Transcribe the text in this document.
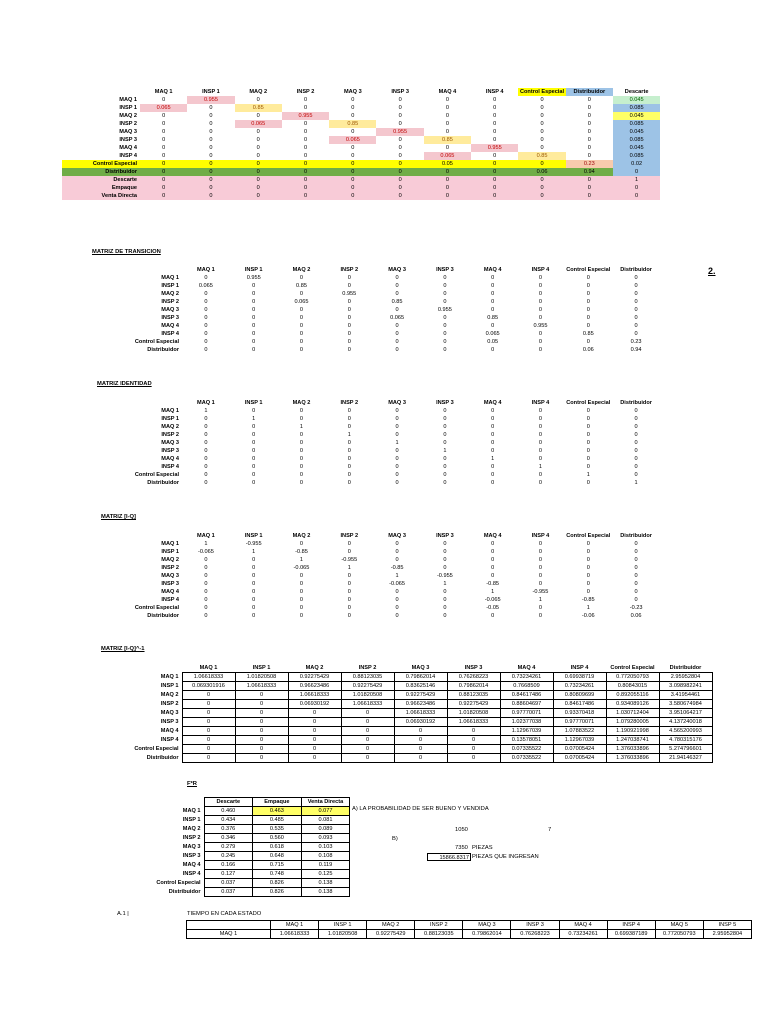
	MAQ 1	INSP 1	MAQ 2	INSP 2	MAQ 3	INSP 3	MAQ 4	INSP 4	Control Especial	Distribuidor	Descarte
MAQ 1	0	0.955	0	0	0	0	0	0	0	0	0.045
INSP 1	0.065	0	0.85	0	0	0	0	0	0	0	0.085
MAQ 2	0	0	0	0.955	0	0	0	0	0	0	0.045
INSP 2	0	0	0.065	0	0.85	0	0	0	0	0	0.085
MAQ 3	0	0	0	0	0	0.955	0	0	0	0	0.045
INSP 3	0	0	0	0	0.065	0	0.85	0	0	0	0.085
MAQ 4	0	0	0	0	0	0	0	0.955	0	0	0.045
INSP 4	0	0	0	0	0	0	0.065	0	0.85	0	0.085
Control Especial	0	0	0	0	0	0	0.05	0	0	0.23	0.02
Distribuidor	0	0	0	0	0	0	0	0	0.06	0.94	0
Descarte	0	0	0	0	0	0	0	0	0	0	1
Empaque	0	0	0	0	0	0	0	0	0	0	0
Venta Directa	0	0	0	0	0	0	0	0	0	0	0
MATRIZ DE TRANSICION
2.
	MAQ 1	INSP 1	MAQ 2	INSP 2	MAQ 3	INSP 3	MAQ 4	INSP 4	Control Especial	Distribuidor
MAQ 1	0	0.955	0	0	0	0	0	0	0	0
INSP 1	0.065	0	0.85	0	0	0	0	0	0	0
MAQ 2	0	0	0	0.955	0	0	0	0	0	0
INSP 2	0	0	0.065	0	0.85	0	0	0	0	0
MAQ 3	0	0	0	0	0	0.955	0	0	0	0
INSP 3	0	0	0	0	0.065	0	0.85	0	0	0
MAQ 4	0	0	0	0	0	0	0	0.955	0	0
INSP 4	0	0	0	0	0	0	0.065	0	0.85	0
Control Especial	0	0	0	0	0	0	0.05	0	0	0.23
Distribuidor	0	0	0	0	0	0	0	0	0.06	0.94
MATRIZ IDENTIDAD
	MAQ 1	INSP 1	MAQ 2	INSP 2	MAQ 3	INSP 3	MAQ 4	INSP 4	Control Especial	Distribuidor
MAQ 1	1	0	0	0	0	0	0	0	0	0
INSP 1	0	1	0	0	0	0	0	0	0	0
MAQ 2	0	0	1	0	0	0	0	0	0	0
INSP 2	0	0	0	1	0	0	0	0	0	0
MAQ 3	0	0	0	0	1	0	0	0	0	0
INSP 3	0	0	0	0	0	1	0	0	0	0
MAQ 4	0	0	0	0	0	0	1	0	0	0
INSP 4	0	0	0	0	0	0	0	1	0	0
Control Especial	0	0	0	0	0	0	0	0	1	0
Distribuidor	0	0	0	0	0	0	0	0	0	1
MATRIZ [I-Q]
	MAQ 1	INSP 1	MAQ 2	INSP 2	MAQ 3	INSP 3	MAQ 4	INSP 4	Control Especial	Distribuidor
MAQ 1	1	-0.955	0	0	0	0	0	0	0	0
INSP 1	-0.065	1	-0.85	0	0	0	0	0	0	0
MAQ 2	0	0	1	-0.955	0	0	0	0	0	0
INSP 2	0	0	-0.065	1	-0.85	0	0	0	0	0
MAQ 3	0	0	0	0	1	-0.955	0	0	0	0
INSP 3	0	0	0	0	-0.065	1	-0.85	0	0	0
MAQ 4	0	0	0	0	0	0	1	-0.955	0	0
INSP 4	0	0	0	0	0	0	-0.065	1	-0.85	0
Control Especial	0	0	0	0	0	0	-0.05	0	1	-0.23
Distribuidor	0	0	0	0	0	0	0	0	-0.06	0.06
MATRIZ [I-Q]^-1
	MAQ 1	INSP 1	MAQ 2	INSP 2	MAQ 3	INSP 3	MAQ 4	INSP 4	Control Especial	Distribuidor
MAQ 1	1.06618333	1.01820508	0.92275429	0.88123035	0.79862014	0.76268223	0.73234261	0.69938719	0.772050793	2.95952804
INSP 1	0.069301916	1.06618333	0.96623486	0.92275429	0.83625146	0.79862014	0.7668509	0.73234261	0.80843015	3.098982241
MAQ 2	0	0	1.06618333	1.01820508	0.92275429	0.88123035	0.84617486	0.80809699	0.892055116	3.41954461
INSP 2	0	0	0.06930192	1.06618333	0.96623486	0.92275429	0.88604697	0.84617486	0.934089126	3.580674984
MAQ 3	0	0	0	0	1.06618333	1.01820508	0.97770071	0.93370418	1.030712404	3.951064217
INSP 3	0	0	0	0	0.06930192	1.06618333	1.02377038	0.97770071	1.079280005	4.137240018
MAQ 4	0	0	0	0	0	0	1.12967039	1.07883522	1.190921998	4.565200993
INSP 4	0	0	0	0	0	0	0.13578051	1.12967039	1.247038741	4.780315176
Control Especial	0	0	0	0	0	0	0.07335522	0.07005424	1.376033896	5.274796601
Distribuidor	0	0	0	0	0	0	0.07335522	0.07005424	1.376033896	21.94146327
F*R
	Descarte	Empaque	Venta Directa
MAQ 1	0.460	0.463	0.077
INSP 1	0.434	0.485	0.081
MAQ 2	0.376	0.535	0.089
INSP 2	0.346	0.560	0.093
MAQ 3	0.279	0.618	0.103
INSP 3	0.245	0.648	0.108
MAQ 4	0.166	0.715	0.119
INSP 4	0.127	0.748	0.125
Control Especial	0.037	0.826	0.138
Distribuidor	0.037	0.826	0.138
A) LA PROBABILIDAD DE SER BUENO Y VENDIDA
1050	7
B)
7350 PIEZAS
15866.8317 PIEZAS QUE INGRESAN
A.1 |	TIEMPO EN CADA ESTADO
	MAQ 1	INSP 1	MAQ 2	INSP 2	MAQ 3	INSP 3	MAQ 4	INSP 4	MAQ 5	INSP 5
MAQ 1	1.06618333	1.01820508	0.92275429	0.88123035	0.79862014	0.76268223	0.73234261	0.699387189	0.772050793	2.95952804
